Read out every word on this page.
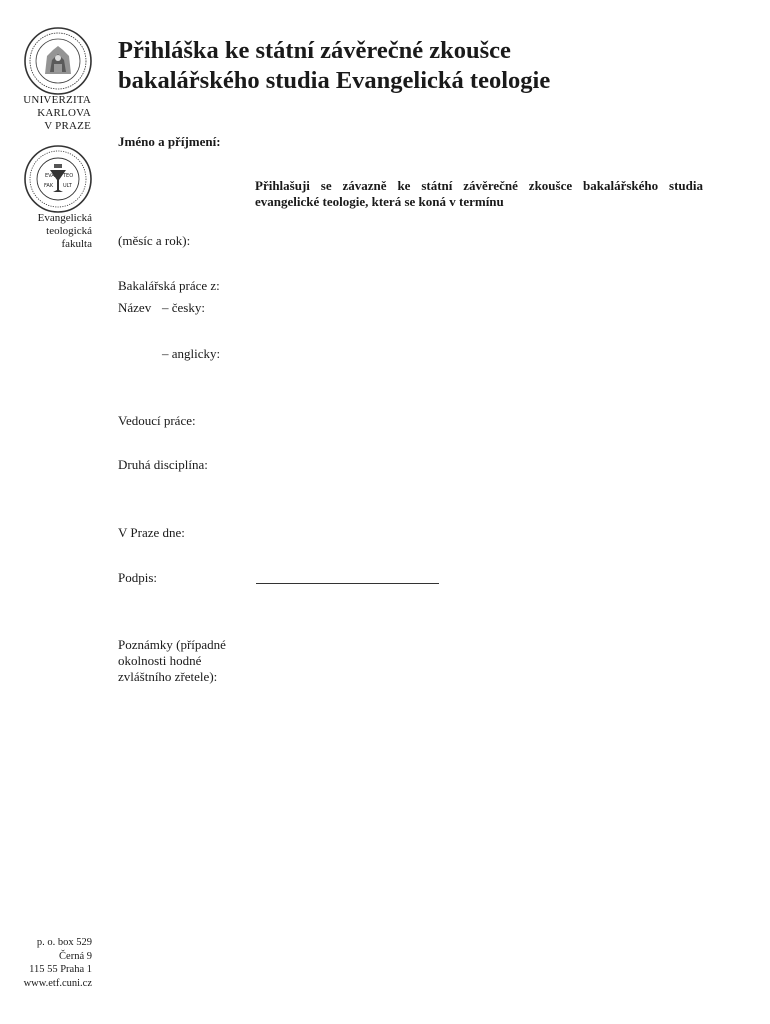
UNIVERZITA
KARLOVA
V PRAZE
EVA TEO
FAK ULT
Evangelická
teologická
fakulta
Přihláška ke státní závěrečné zkoušce
bakalářského studia Evangelická teologie
Jméno a příjmení:
Přihlašuji se závazně ke státní závěrečné zkoušce bakalářského studia evangelické teologie, která se koná v termínu
(měsíc a rok):
Bakalářská práce z:
Název – česky:
– anglicky:
Vedoucí práce:
Druhá disciplína:
V Praze dne:
Podpis:
Poznámky (případné
okolnosti hodné
zvláštního zřetele):
p. o. box 529
Černá 9
115 55 Praha 1
www.etf.cuni.cz
